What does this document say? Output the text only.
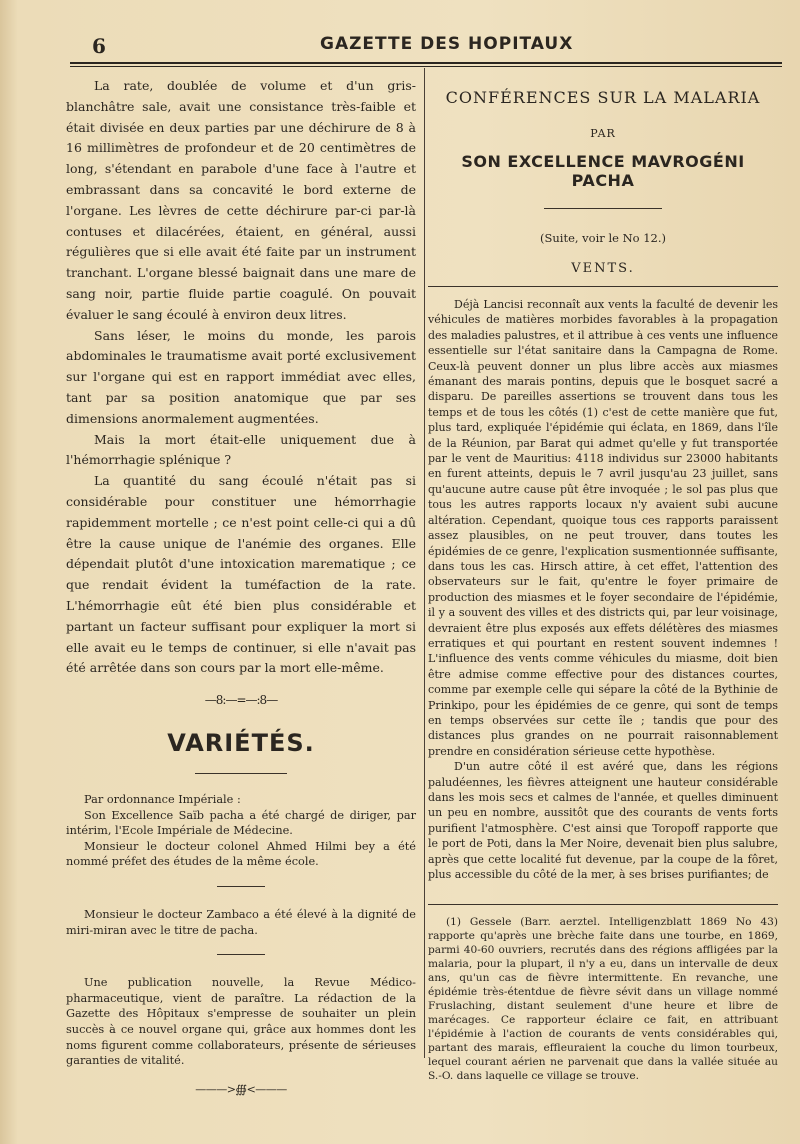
6	GAZETTE DES HOPITAUX

La rate, doublée de volume et d'un gris-blanchâtre sale, avait une consistance très-faible et était divisée en deux parties par une déchirure de 8 à 16 millimètres de profondeur et de 20 centimètres de long, s'étendant en parabole d'une face à l'autre et embrassant dans sa concavité le bord externe de l'organe. Les lèvres de cette déchirure par-ci par-là contuses et dilacérées, étaient, en général, aussi régulières que si elle avait été faite par un instrument tranchant. L'organe blessé baignait dans une mare de sang noir, partie fluide partie coagulé. On pouvait évaluer le sang écoulé à environ deux litres.

Sans léser, le moins du monde, les parois abdominales le traumatisme avait porté exclusivement sur l'organe qui est en rapport immédiat avec elles, tant par sa position anatomique que par ses dimensions anormalement augmentées.

Mais la mort était-elle uniquement due à l'hémorrhagie splénique ?

La quantité du sang écoulé n'était pas si considérable pour constituer une hémorrhagie rapidemment mortelle ; ce n'est point celle-ci qui a dû être la cause unique de l'anémie des organes. Elle dépendait plutôt d'une intoxication marematique ; ce que rendait évident la tuméfaction de la rate. L'hémorrhagie eût été bien plus considérable et partant un facteur suffisant pour expliquer la mort si elle avait eu le temps de continuer, si elle n'avait pas été arrêtée dans son cours par la mort elle-même.

—8:—=—:8—
VARIÉTÉS.

Par ordonnance Impériale :

Son Excellence Saïb pacha a été chargé de diriger, par intérim, l'Ecole Impériale de Médecine.

Monsieur le docteur colonel Ahmed Hilmi bey a été nommé préfet des études de la même école.

Monsieur le docteur Zambaco a été élevé à la dignité de miri-miran avec le titre de pacha.

Une publication nouvelle, la Revue Médico-pharmaceutique, vient de paraître. La rédaction de la Gazette des Hôpitaux s'empresse de souhaiter un plein succès à ce nouvel organe qui, grâce aux hommes dont les noms figurent comme collaborateurs, présente de sérieuses garanties de vitalité.

———>∰<———
CONFÉRENCES SUR LA MALARIA
PAR
SON EXCELLENCE MAVROGÉNI PACHA
(Suite, voir le No 12.)
VENTS.

Déjà Lancisi reconnaît aux vents la faculté de devenir les véhicules de matières morbides favorables à la propagation des maladies palustres, et il attribue à ces vents une influence essentielle sur l'état sanitaire dans la Campagna de Rome. Ceux-là peuvent donner un plus libre accès aux miasmes émanant des marais pontins, depuis que le bosquet sacré a disparu. De pareilles assertions se trouvent dans tous les temps et de tous les côtés (1) c'est de cette manière que fut, plus tard, expliquée l'épidémie qui éclata, en 1869, dans l'île de la Réunion, par Barat qui admet qu'elle y fut transportée par le vent de Mauritius: 4118 individus sur 23000 habitants en furent atteints, depuis le 7 avril jusqu'au 23 juillet, sans qu'aucune autre cause pût être invoquée ; le sol pas plus que tous les autres rapports locaux n'y avaient subi aucune altération. Cependant, quoique tous ces rapports paraissent assez plausibles, on ne peut trouver, dans toutes les épidémies de ce genre, l'explication susmentionnée suffisante, dans tous les cas. Hirsch attire, à cet effet, l'attention des observateurs sur le fait, qu'entre le foyer primaire de production des miasmes et le foyer secondaire de l'épidémie, il y a souvent des villes et des districts qui, par leur voisinage, devraient être plus exposés aux effets délétères des miasmes erratiques et qui pourtant en restent souvent indemnes ! L'influence des vents comme véhicules du miasme, doit bien être admise comme effective pour des distances courtes, comme par exemple celle qui sépare la côté de la Bythinie de Prinkipo, pour les épidémies de ce genre, qui sont de temps en temps observées sur cette île ; tandis que pour des distances plus grandes on ne pourrait raisonnablement prendre en considération sérieuse cette hypothèse.

D'un autre côté il est avéré que, dans les régions paludéennes, les fièvres atteignent une hauteur considérable dans les mois secs et calmes de l'année, et quelles diminuent un peu en nombre, aussitôt que des courants de vents forts purifient l'atmosphère. C'est ainsi que Toropoff rapporte que le port de Poti, dans la Mer Noire, devenait bien plus salubre, après que cette localité fut devenue, par la coupe de la fôret, plus accessible du côté de la mer, à ses brises purifiantes; de

(1) Gessele (Barr. aerztel. Intelligenzblatt 1869 No 43) rapporte qu'après une brèche faite dans une tourbe, en 1869, parmi 40-60 ouvriers, recrutés dans des régions affligées par la malaria, pour la plupart, il n'y a eu, dans un intervalle de deux ans, qu'un cas de fièvre intermittente. En revanche, une épidémie très-étentdue de fièvre sévit dans un village nommé Fruslaching, distant seulement d'une heure et libre de marécages. Ce rapporteur éclaire ce fait, en attribuant l'épidémie à l'action de courants de vents considérables qui, partant des marais, effleuraient la couche du limon tourbeux, lequel courant aérien ne parvenait que dans la vallée située au S.-O. dans laquelle ce village se trouve.
